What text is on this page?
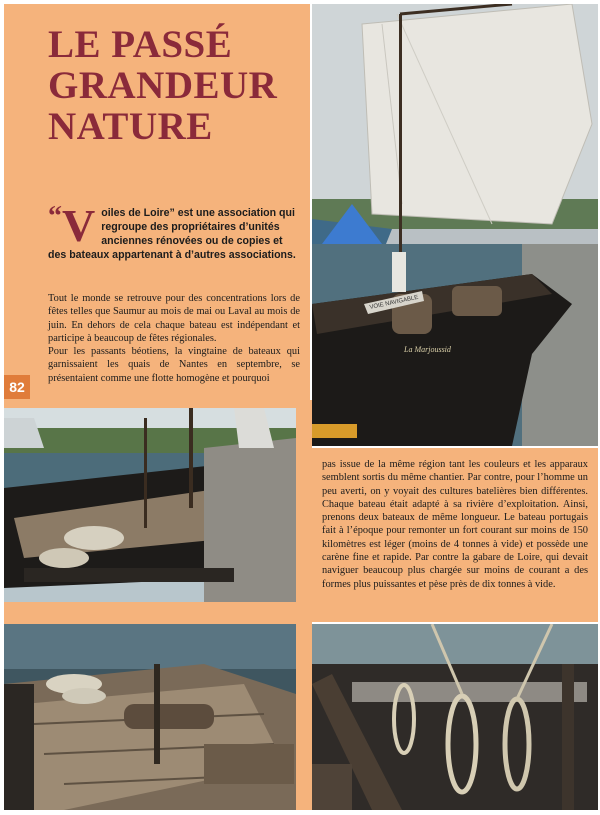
LE PASSÉ
GRANDEUR
NATURE
“V oiles de Loire” est une association qui regroupe des propriétaires d’unités anciennes rénovées ou de copies et des bateaux appartenant à d’autres associations.

Tout le monde se retrouve pour des concentrations lors de fêtes telles que Saumur au mois de mai ou Laval au mois de juin. En dehors de cela chaque bateau est indépendant et participe à beaucoup de fêtes régionales.

Pour les passants béotiens, la vingtaine de bateaux qui garnissaient les quais de Nantes en septembre, se présentaient comme une flotte homogène et pourquoi

82
VOIE NAVIGABLE
La Marjoussid

pas issue de la même région tant les couleurs et les apparaux semblent sortis du même chantier. Par contre, pour l’homme un peu averti, on y voyait des cultures batelières bien différentes. Chaque bateau était adapté à sa rivière d’exploitation. Ainsi, prenons deux bateaux de même longueur. Le bateau portugais fait à l’époque pour remonter un fort courant sur moins de 150 kilomètres est léger (moins de 4 tonnes à vide) et possède une carène fine et rapide. Par contre la gabare de Loire, qui devait naviguer beaucoup plus chargée sur moins de courant a des formes plus puissantes et pèse près de dix tonnes à vide.
